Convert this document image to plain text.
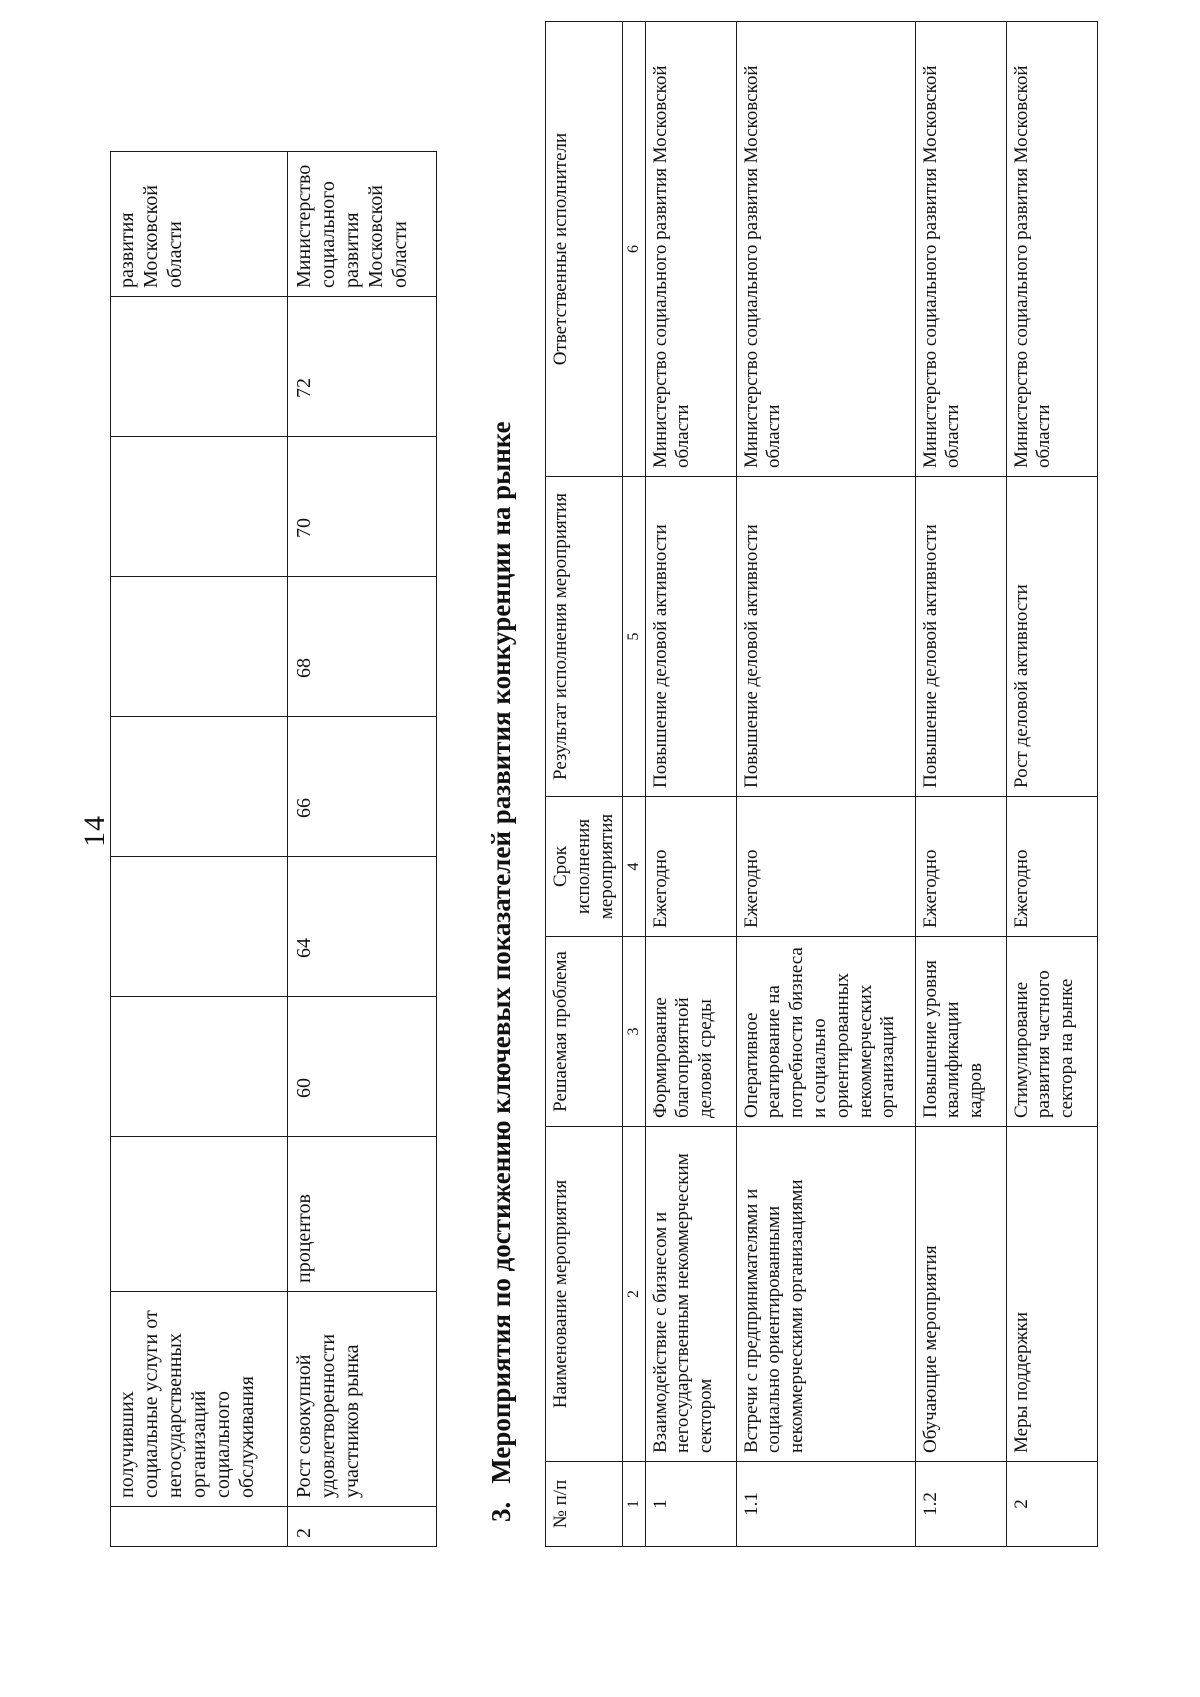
14
	получивших социальные услуги от негосударственных организаций социального обслуживания								развития Московской области
2	Рост совокупной удовлетворенности участников рынка	процентов	60	64	66	68	70	72	Министерство социального развития Московской области
3.Мероприятия по достижению ключевых показателей развития конкуренции на рынке
№ п/п	Наименование мероприятия	Решаемая проблема	Срок исполнения мероприятия	Результат исполнения мероприятия	Ответственные исполнители
1	2	3	4	5	6
1	Взаимодействие с бизнесом и негосударственным некоммерческим сектором	Формирование благоприятной деловой среды	Ежегодно	Повышение деловой активности	Министерство социального развития Московской области
1.1	Встречи с предпринимателями и социально ориентированными некоммерческими организациями	Оперативное реагирование на потребности бизнеса и социально ориентированных некоммерческих организаций	Ежегодно	Повышение деловой активности	Министерство социального развития Московской области
1.2	Обучающие мероприятия	Повышение уровня квалификации кадров	Ежегодно	Повышение деловой активности	Министерство социального развития Московской области
2	Меры поддержки	Стимулирование развития частного сектора на рынке	Ежегодно	Рост деловой активности	Министерство социального развития Московской области
